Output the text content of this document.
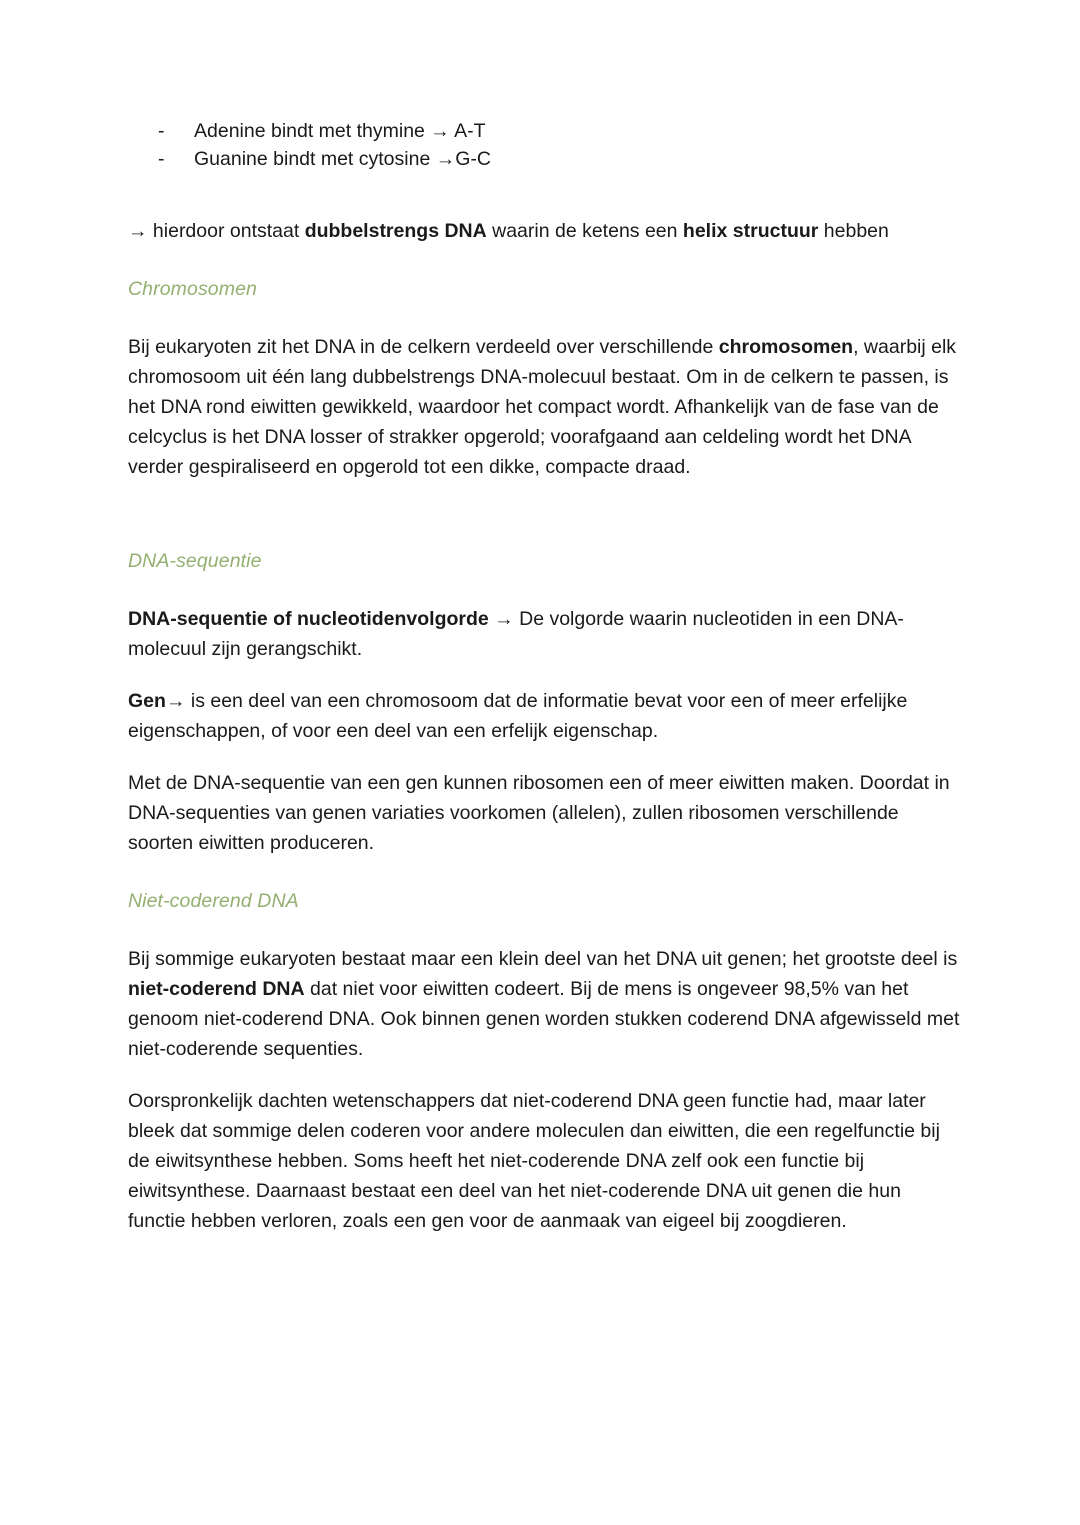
-	Adenine bindt met thymine → A-T
-	Guanine bindt met cytosine →G-C

→ hierdoor ontstaat dubbelstrengs DNA waarin de ketens een helix structuur hebben

Chromosomen

Bij eukaryoten zit het DNA in de celkern verdeeld over verschillende chromosomen, waarbij elk chromosoom uit één lang dubbelstrengs DNA-molecuul bestaat. Om in de celkern te passen, is het DNA rond eiwitten gewikkeld, waardoor het compact wordt. Afhankelijk van de fase van de celcyclus is het DNA losser of strakker opgerold; voorafgaand aan celdeling wordt het DNA verder gespiraliseerd en opgerold tot een dikke, compacte draad.

DNA-sequentie

DNA-sequentie of nucleotidenvolgorde → De volgorde waarin nucleotiden in een DNA-molecuul zijn gerangschikt.

Gen→ is een deel van een chromosoom dat de informatie bevat voor een of meer erfelijke eigenschappen, of voor een deel van een erfelijk eigenschap.

Met de DNA-sequentie van een gen kunnen ribosomen een of meer eiwitten maken. Doordat in DNA-sequenties van genen variaties voorkomen (allelen), zullen ribosomen verschillende soorten eiwitten produceren.

Niet-coderend DNA

Bij sommige eukaryoten bestaat maar een klein deel van het DNA uit genen; het grootste deel is niet-coderend DNA dat niet voor eiwitten codeert. Bij de mens is ongeveer 98,5% van het genoom niet-coderend DNA. Ook binnen genen worden stukken coderend DNA afgewisseld met niet-coderende sequenties.

Oorspronkelijk dachten wetenschappers dat niet-coderend DNA geen functie had, maar later bleek dat sommige delen coderen voor andere moleculen dan eiwitten, die een regelfunctie bij de eiwitsynthese hebben. Soms heeft het niet-coderende DNA zelf ook een functie bij eiwitsynthese. Daarnaast bestaat een deel van het niet-coderende DNA uit genen die hun functie hebben verloren, zoals een gen voor de aanmaak van eigeel bij zoogdieren.
